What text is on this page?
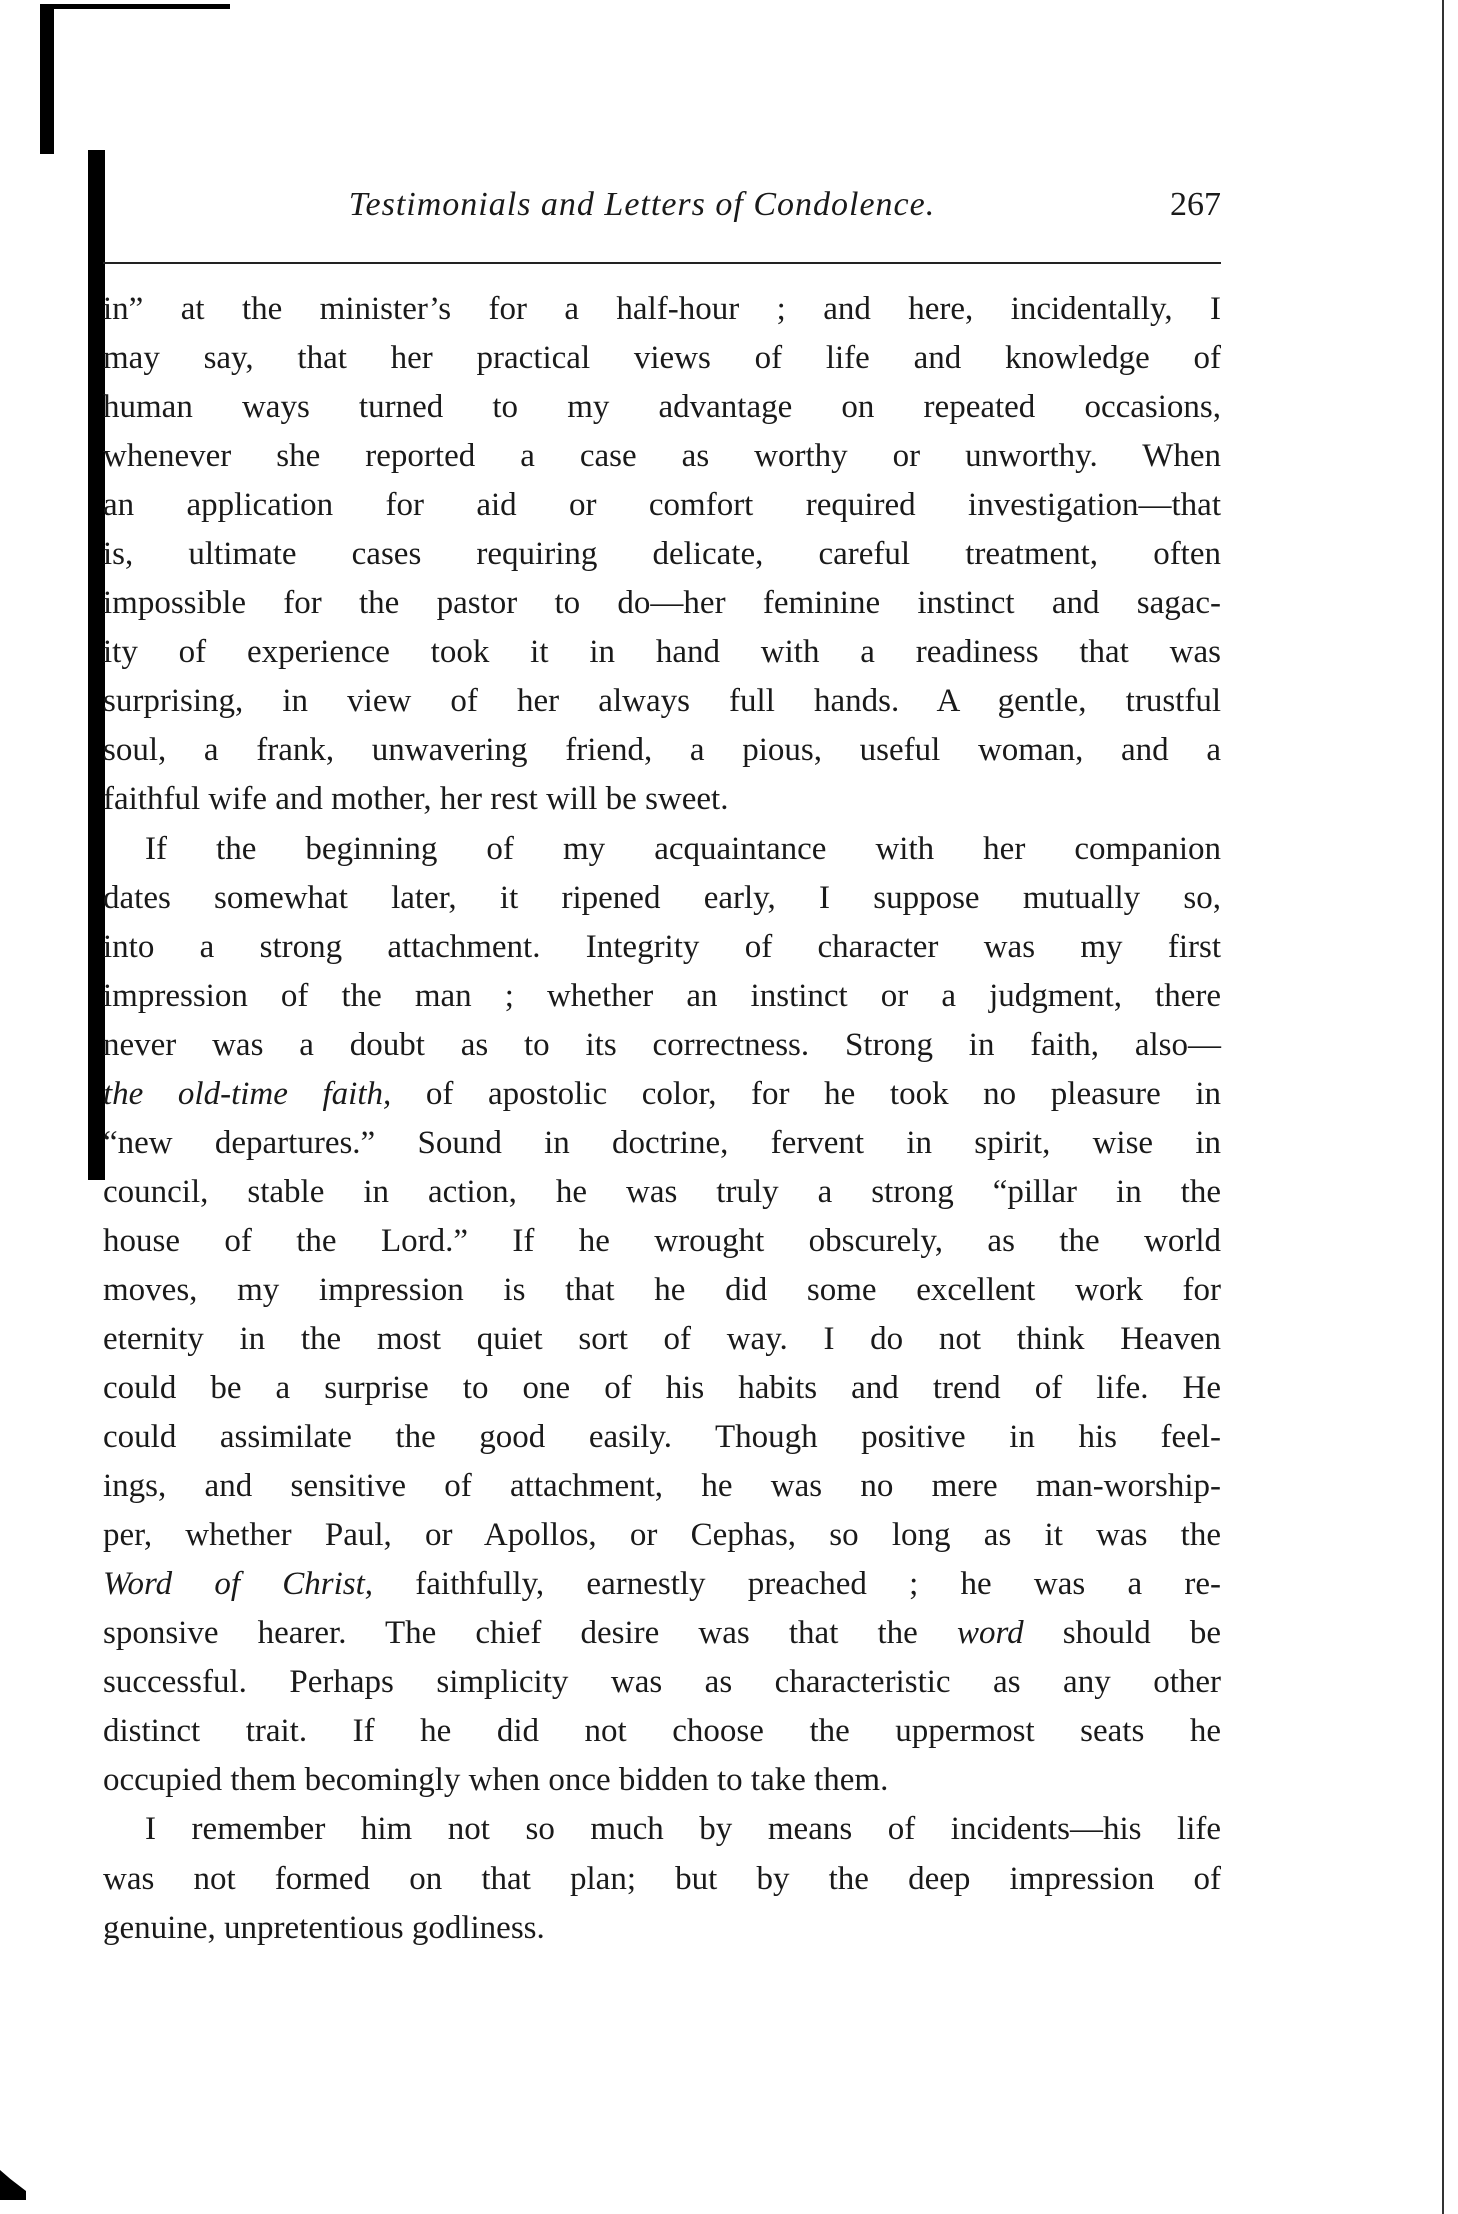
Testimonials and Letters of Condolence.	267
in” at the minister’s for a half-hour ; and here, incidentally, I
may say, that her practical views of life and knowledge of
human ways turned to my advantage on repeated occasions,
whenever she reported a case as worthy or unworthy. When
an application for aid or comfort required investigation—that
is, ultimate cases requiring delicate, careful treatment, often
impossible for the pastor to do—her feminine instinct and sagac-
ity of experience took it in hand with a readiness that was
surprising, in view of her always full hands. A gentle, trustful
soul, a frank, unwavering friend, a pious, useful woman, and a
faithful wife and mother, her rest will be sweet.
If the beginning of my acquaintance with her companion
dates somewhat later, it ripened early, I suppose mutually so,
into a strong attachment. Integrity of character was my first
impression of the man ; whether an instinct or a judgment, there
never was a doubt as to its correctness. Strong in faith, also—
the old-time faith, of apostolic color, for he took no pleasure in
“new departures.” Sound in doctrine, fervent in spirit, wise in
council, stable in action, he was truly a strong “pillar in the
house of the Lord.” If he wrought obscurely, as the world
moves, my impression is that he did some excellent work for
eternity in the most quiet sort of way. I do not think Heaven
could be a surprise to one of his habits and trend of life. He
could assimilate the good easily. Though positive in his feel-
ings, and sensitive of attachment, he was no mere man-worship-
per, whether Paul, or Apollos, or Cephas, so long as it was the
Word of Christ, faithfully, earnestly preached ; he was a re-
sponsive hearer. The chief desire was that the word should be
successful. Perhaps simplicity was as characteristic as any other
distinct trait. If he did not choose the uppermost seats he
occupied them becomingly when once bidden to take them.
I remember him not so much by means of incidents—his life
was not formed on that plan; but by the deep impression of
genuine, unpretentious godliness.
